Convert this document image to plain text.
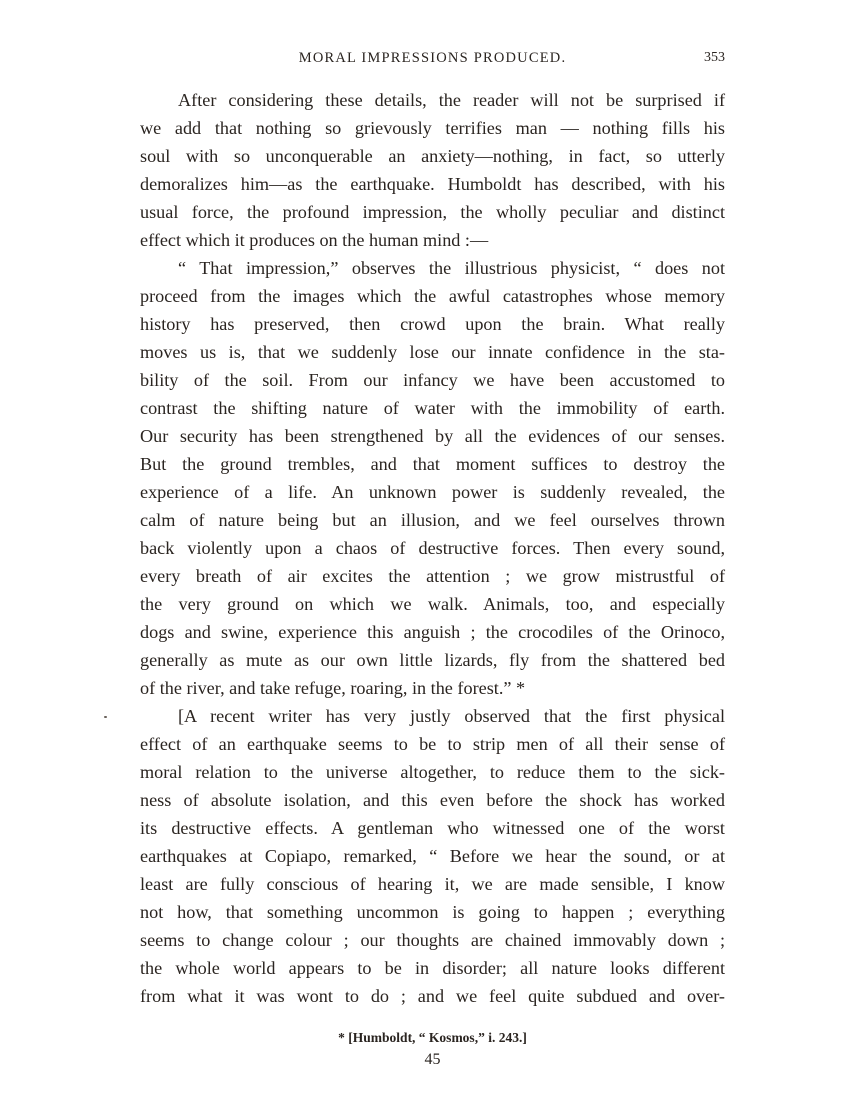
MORAL IMPRESSIONS PRODUCED.	353
After considering these details, the reader will not be surprised if
we add that nothing so grievously terrifies man — nothing fills his
soul with so unconquerable an anxiety—nothing, in fact, so utterly
demoralizes him—as the earthquake. Humboldt has described, with his
usual force, the profound impression, the wholly peculiar and distinct
effect which it produces on the human mind :—
“ That impression,” observes the illustrious physicist, “ does not
proceed from the images which the awful catastrophes whose memory
history has preserved, then crowd upon the brain. What really
moves us is, that we suddenly lose our innate confidence in the sta-
bility of the soil. From our infancy we have been accustomed to
contrast the shifting nature of water with the immobility of earth.
Our security has been strengthened by all the evidences of our senses.
But the ground trembles, and that moment suffices to destroy the
experience of a life. An unknown power is suddenly revealed, the
calm of nature being but an illusion, and we feel ourselves thrown
back violently upon a chaos of destructive forces. Then every sound,
every breath of air excites the attention ; we grow mistrustful of
the very ground on which we walk. Animals, too, and especially
dogs and swine, experience this anguish ; the crocodiles of the Orinoco,
generally as mute as our own little lizards, fly from the shattered bed
of the river, and take refuge, roaring, in the forest.” *
[A recent writer has very justly observed that the first physical
effect of an earthquake seems to be to strip men of all their sense of
moral relation to the universe altogether, to reduce them to the sick-
ness of absolute isolation, and this even before the shock has worked
its destructive effects. A gentleman who witnessed one of the worst
earthquakes at Copiapo, remarked, “ Before we hear the sound, or at
least are fully conscious of hearing it, we are made sensible, I know
not how, that something uncommon is going to happen ; everything
seems to change colour ; our thoughts are chained immovably down ;
the whole world appears to be in disorder; all nature looks different
from what it was wont to do ; and we feel quite subdued and over-
* [Humboldt, “ Kosmos,” i. 243.]
45
